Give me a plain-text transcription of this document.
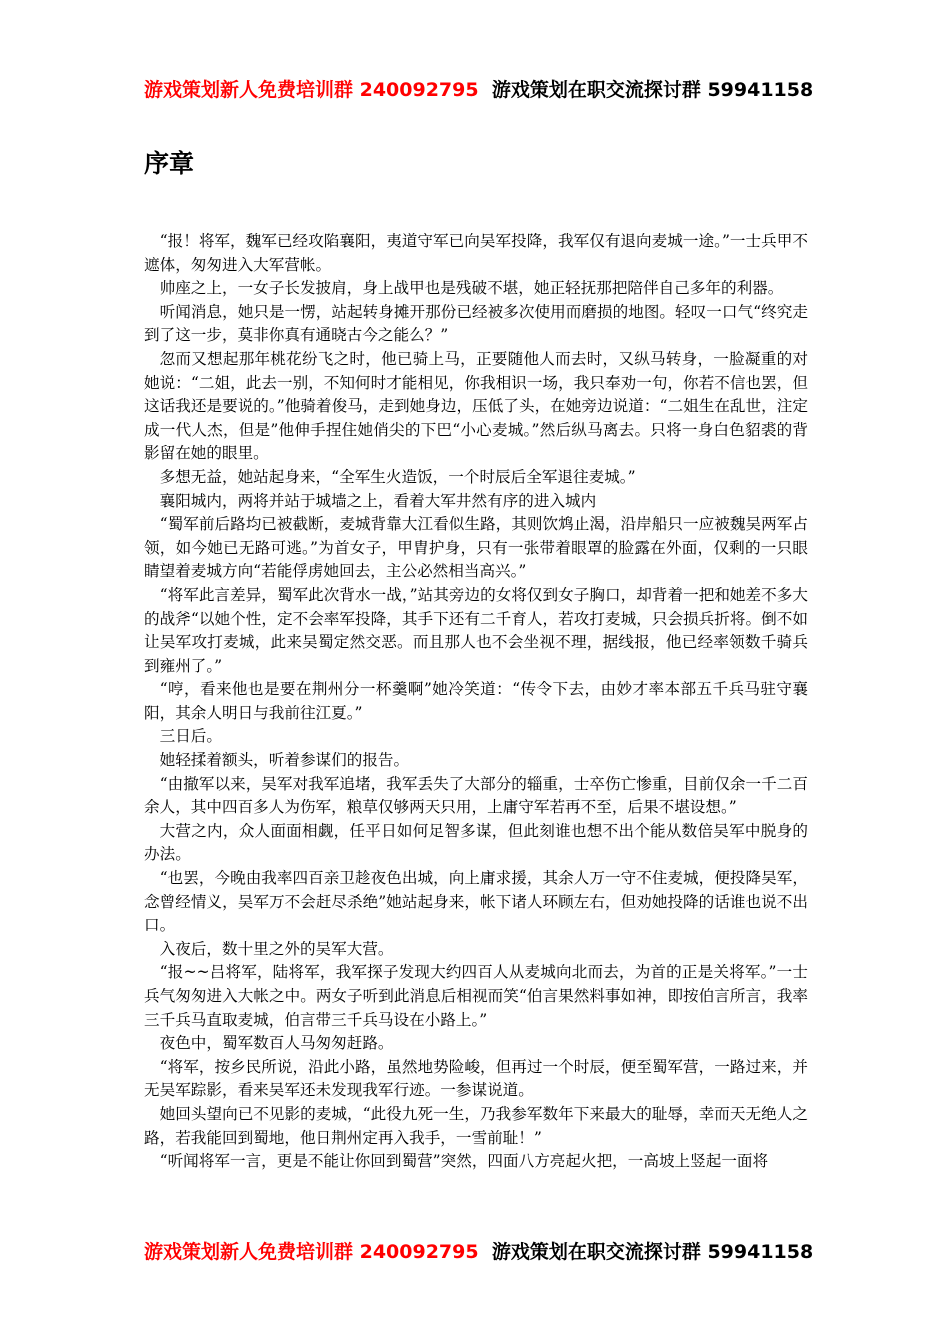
游戏策划新人免费培训群 240092795 游戏策划在职交流探讨群 59941158
序章

“报！将军，魏军已经攻陷襄阳，夷道守军已向吴军投降，我军仅有退向麦城一途。”一士兵甲不遮体，匆匆进入大军营帐。

帅座之上，一女子长发披肩，身上战甲也是残破不堪，她正轻抚那把陪伴自己多年的利器。

听闻消息，她只是一愣，站起转身摊开那份已经被多次使用而磨损的地图。轻叹一口气“终究走到了这一步，莫非你真有通晓古今之能么？”

忽而又想起那年桃花纷飞之时，他已骑上马，正要随他人而去时，又纵马转身，一脸凝重的对她说：“二姐，此去一别，不知何时才能相见，你我相识一场，我只奉劝一句，你若不信也罢，但这话我还是要说的。”他骑着俊马，走到她身边，压低了头，在她旁边说道：“二姐生在乱世，注定成一代人杰，但是”他伸手捏住她俏尖的下巴“小心麦城。”然后纵马离去。只将一身白色貂裘的背影留在她的眼里。

多想无益，她站起身来，“全军生火造饭，一个时辰后全军退往麦城。”

襄阳城内，两将并站于城墙之上，看着大军井然有序的进入城内

“蜀军前后路均已被截断，麦城背靠大江看似生路，其则饮鸩止渴，沿岸船只一应被魏吴两军占领，如今她已无路可逃。”为首女子，甲胄护身，只有一张带着眼罩的脸露在外面，仅剩的一只眼睛望着麦城方向“若能俘虏她回去，主公必然相当高兴。”

“将军此言差异，蜀军此次背水一战，”站其旁边的女将仅到女子胸口，却背着一把和她差不多大的战斧“以她个性，定不会率军投降，其手下还有二千育人，若攻打麦城，只会损兵折将。倒不如让吴军攻打麦城，此来吴蜀定然交恶。而且那人也不会坐视不理，据线报，他已经率领数千骑兵到雍州了。”

“哼，看来他也是要在荆州分一杯羹啊”她冷笑道：“传令下去，由妙才率本部五千兵马驻守襄阳，其余人明日与我前往江夏。”

三日后。

她轻揉着额头，听着参谋们的报告。

“由撤军以来，吴军对我军追堵，我军丢失了大部分的辎重，士卒伤亡惨重，目前仅余一千二百余人，其中四百多人为伤军，粮草仅够两天只用，上庸守军若再不至，后果不堪设想。”

大营之内，众人面面相觑，任平日如何足智多谋，但此刻谁也想不出个能从数倍吴军中脱身的办法。

“也罢，今晚由我率四百亲卫趁夜色出城，向上庸求援，其余人万一守不住麦城，便投降吴军，念曾经情义，吴军万不会赶尽杀绝”她站起身来，帐下诸人环顾左右，但劝她投降的话谁也说不出口。

入夜后，数十里之外的吴军大营。

“报~~吕将军，陆将军，我军探子发现大约四百人从麦城向北而去，为首的正是关将军。”一士兵气匆匆进入大帐之中。两女子听到此消息后相视而笑“伯言果然料事如神，即按伯言所言，我率三千兵马直取麦城，伯言带三千兵马设在小路上。”

夜色中，蜀军数百人马匆匆赶路。

“将军，按乡民所说，沿此小路，虽然地势险峻，但再过一个时辰，便至蜀军营，一路过来，并无吴军踪影，看来吴军还未发现我军行迹。一参谋说道。

她回头望向已不见影的麦城，“此役九死一生，乃我参军数年下来最大的耻辱，幸而天无绝人之路，若我能回到蜀地，他日荆州定再入我手，一雪前耻！”

“听闻将军一言，更是不能让你回到蜀营”突然，四面八方亮起火把，一高坡上竖起一面将

游戏策划新人免费培训群 240092795 游戏策划在职交流探讨群 59941158
